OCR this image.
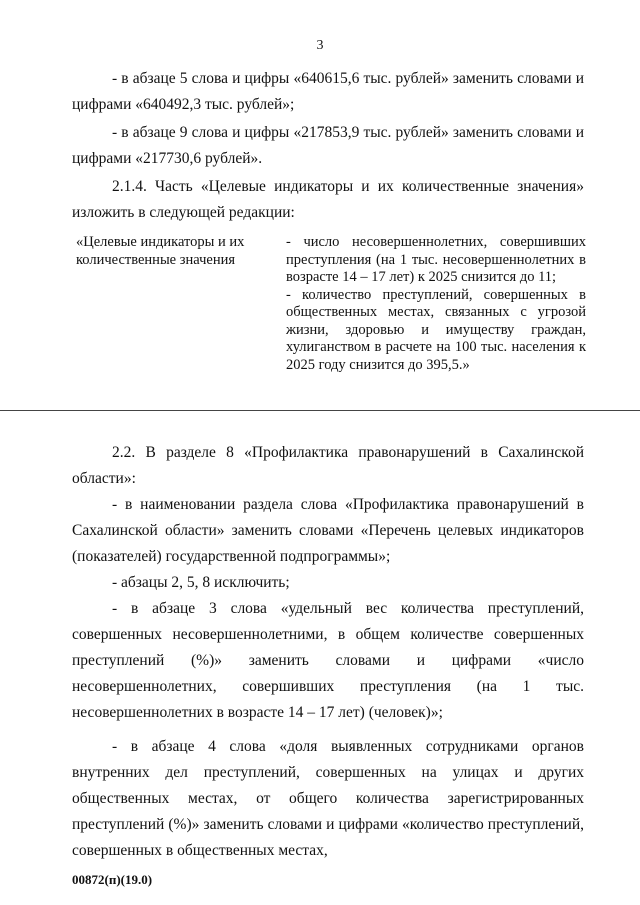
3

- в абзаце 5 слова и цифры «640615,6 тыс. рублей» заменить словами и цифрами «640492,3 тыс. рублей»;

- в абзаце 9 слова и цифры «217853,9 тыс. рублей» заменить словами и цифрами «217730,6 рублей».

2.1.4. Часть «Целевые индикаторы и их количественные значения» изложить в следующей редакции:

«Целевые индикаторы и их количественные значения

- число несовершеннолетних, совершивших преступления (на 1 тыс. несовершеннолетних в возрасте 14 – 17 лет) к 2025 снизится до 11;

- количество преступлений, совершенных в общественных местах, связанных с угрозой жизни, здоровью и имуществу граждан, хулиганством в расчете на 100 тыс. населения к 2025 году снизится до 395,5.»

2.2. В разделе 8 «Профилактика правонарушений в Сахалинской области»:

- в наименовании раздела слова «Профилактика правонарушений в Сахалинской области» заменить словами «Перечень целевых индикаторов (показателей) государственной подпрограммы»;

- абзацы 2, 5, 8 исключить;

- в абзаце 3 слова «удельный вес количества преступлений, совершенных несовершеннолетними, в общем количестве совершенных преступлений (%)» заменить словами и цифрами «число несовершеннолетних, совершивших преступления (на 1 тыс. несовершеннолетних в возрасте 14 – 17 лет) (человек)»;

- в абзаце 4 слова «доля выявленных сотрудниками органов внутренних дел преступлений, совершенных на улицах и других общественных местах, от общего количества зарегистрированных преступлений (%)» заменить словами и цифрами «количество преступлений, совершенных в общественных местах,

00872(п)(19.0)
